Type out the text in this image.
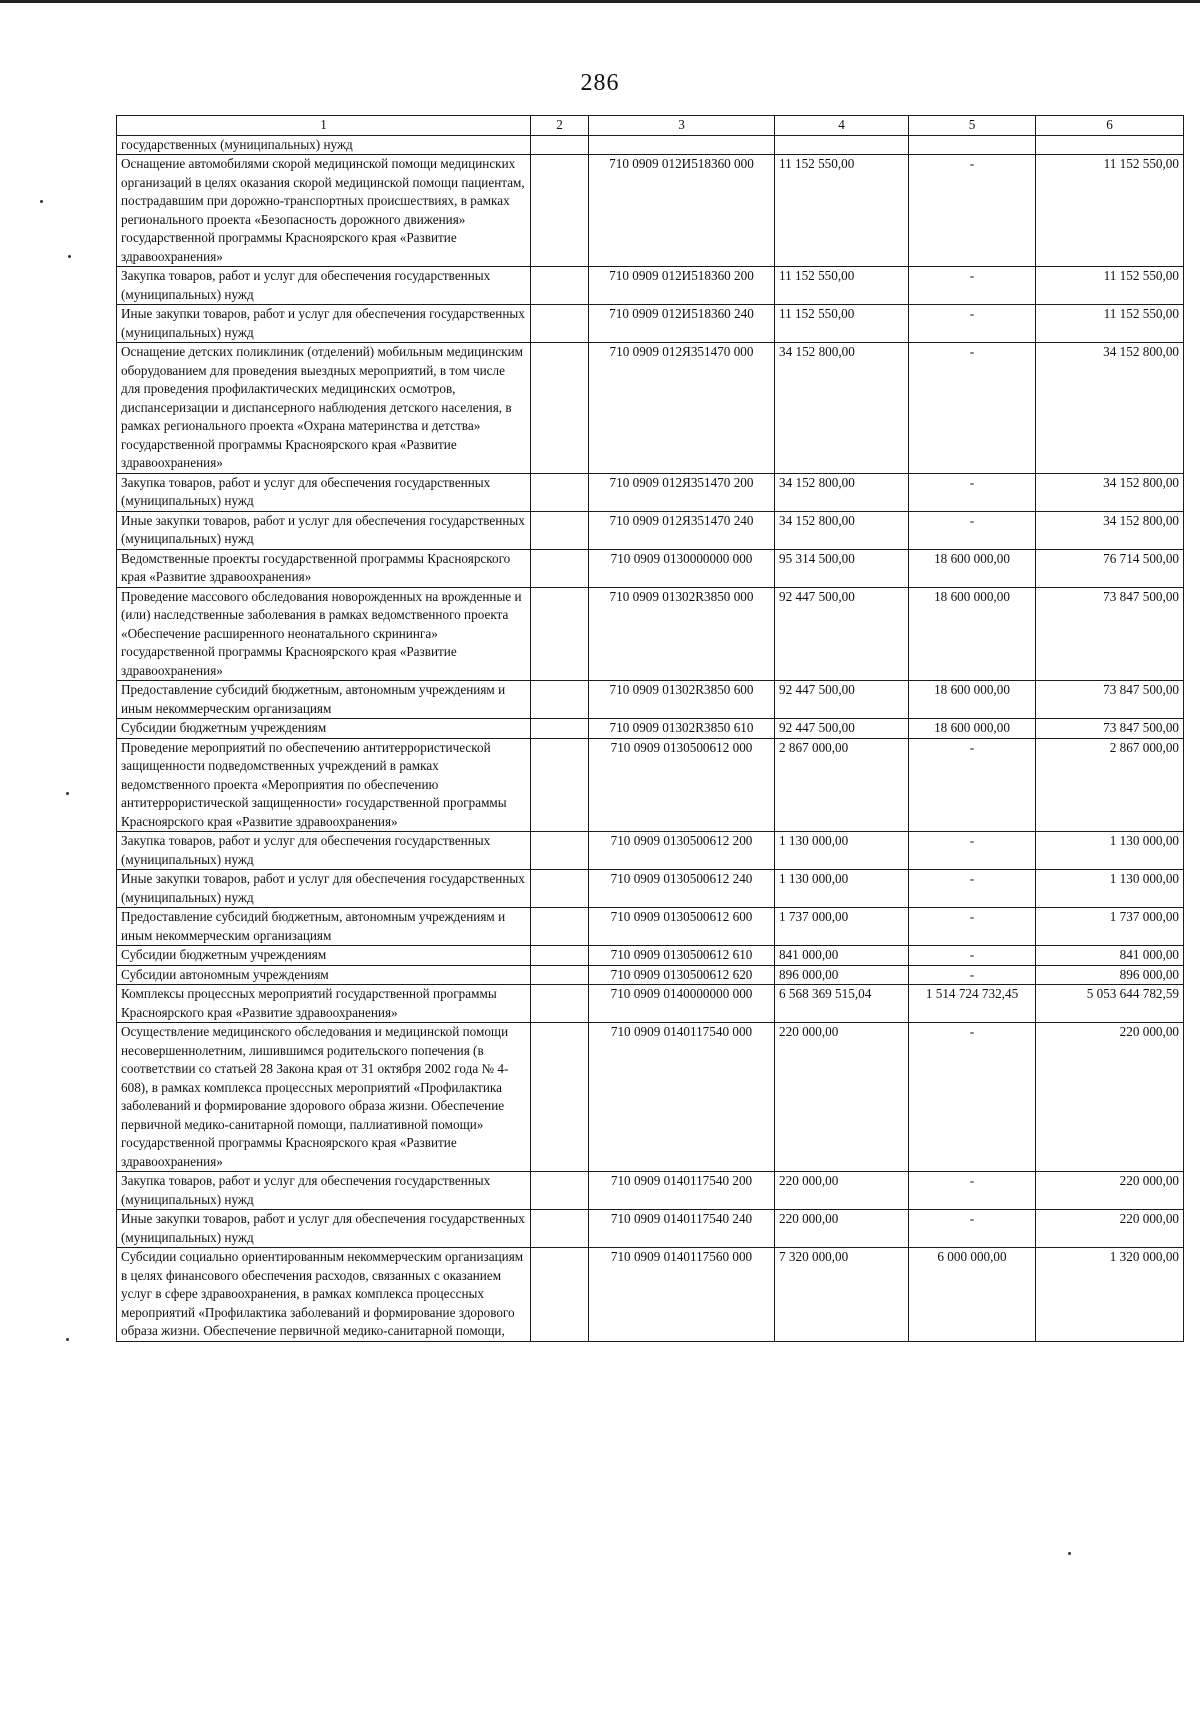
286
1	2	3	4	5	6
государственных (муниципальных) нужд					
Оснащение автомобилями скорой медицинской помощи медицинских организаций в целях оказания скорой медицинской помощи пациентам, пострадавшим при дорожно-транспортных происшествиях, в рамках регионального проекта «Безопасность дорожного движения» государственной программы Красноярского края «Развитие здравоохранения»		710 0909 012И518360 000	11 152 550,00	-	11 152 550,00
Закупка товаров, работ и услуг для обеспечения государственных (муниципальных) нужд		710 0909 012И518360 200	11 152 550,00	-	11 152 550,00
Иные закупки товаров, работ и услуг для обеспечения государственных (муниципальных) нужд		710 0909 012И518360 240	11 152 550,00	-	11 152 550,00
Оснащение детских поликлиник (отделений) мобильным медицинским оборудованием для проведения выездных мероприятий, в том числе для проведения профилактических медицинских осмотров, диспансеризации и диспансерного наблюдения детского населения, в рамках регионального проекта «Охрана материнства и детства» государственной программы Красноярского края «Развитие здравоохранения»		710 0909 012Я351470 000	34 152 800,00	-	34 152 800,00
Закупка товаров, работ и услуг для обеспечения государственных (муниципальных) нужд		710 0909 012Я351470 200	34 152 800,00	-	34 152 800,00
Иные закупки товаров, работ и услуг для обеспечения государственных (муниципальных) нужд		710 0909 012Я351470 240	34 152 800,00	-	34 152 800,00
Ведомственные проекты государственной программы Красноярского края «Развитие здравоохранения»		710 0909 0130000000 000	95 314 500,00	18 600 000,00	76 714 500,00
Проведение массового обследования новорожденных на врожденные и (или) наследственные заболевания в рамках ведомственного проекта «Обеспечение расширенного неонатального скрининга» государственной программы Красноярского края «Развитие здравоохранения»		710 0909 01302R3850 000	92 447 500,00	18 600 000,00	73 847 500,00
Предоставление субсидий бюджетным, автономным учреждениям и иным некоммерческим организациям		710 0909 01302R3850 600	92 447 500,00	18 600 000,00	73 847 500,00
Субсидии бюджетным учреждениям		710 0909 01302R3850 610	92 447 500,00	18 600 000,00	73 847 500,00
Проведение мероприятий по обеспечению антитеррористической защищенности подведомственных учреждений в рамках ведомственного проекта «Мероприятия по обеспечению антитеррористической защищенности» государственной программы Красноярского края «Развитие здравоохранения»		710 0909 0130500612 000	2 867 000,00	-	2 867 000,00
Закупка товаров, работ и услуг для обеспечения государственных (муниципальных) нужд		710 0909 0130500612 200	1 130 000,00	-	1 130 000,00
Иные закупки товаров, работ и услуг для обеспечения государственных (муниципальных) нужд		710 0909 0130500612 240	1 130 000,00	-	1 130 000,00
Предоставление субсидий бюджетным, автономным учреждениям и иным некоммерческим организациям		710 0909 0130500612 600	1 737 000,00	-	1 737 000,00
Субсидии бюджетным учреждениям		710 0909 0130500612 610	841 000,00	-	841 000,00
Субсидии автономным учреждениям		710 0909 0130500612 620	896 000,00	-	896 000,00
Комплексы процессных мероприятий государственной программы Красноярского края «Развитие здравоохранения»		710 0909 0140000000 000	6 568 369 515,04	1 514 724 732,45	5 053 644 782,59
Осуществление медицинского обследования и медицинской помощи несовершеннолетним, лишившимся родительского попечения (в соответствии со статьей 28 Закона края от 31 октября 2002 года № 4-608), в рамках комплекса процессных мероприятий «Профилактика заболеваний и формирование здорового образа жизни. Обеспечение первичной медико-санитарной помощи, паллиативной помощи» государственной программы Красноярского края «Развитие здравоохранения»		710 0909 0140117540 000	220 000,00	-	220 000,00
Закупка товаров, работ и услуг для обеспечения государственных (муниципальных) нужд		710 0909 0140117540 200	220 000,00	-	220 000,00
Иные закупки товаров, работ и услуг для обеспечения государственных (муниципальных) нужд		710 0909 0140117540 240	220 000,00	-	220 000,00
Субсидии социально ориентированным некоммерческим организациям в целях финансового обеспечения расходов, связанных с оказанием услуг в сфере здравоохранения, в рамках комплекса процессных мероприятий «Профилактика заболеваний и формирование здорового образа жизни. Обеспечение первичной медико-санитарной помощи,		710 0909 0140117560 000	7 320 000,00	6 000 000,00	1 320 000,00
